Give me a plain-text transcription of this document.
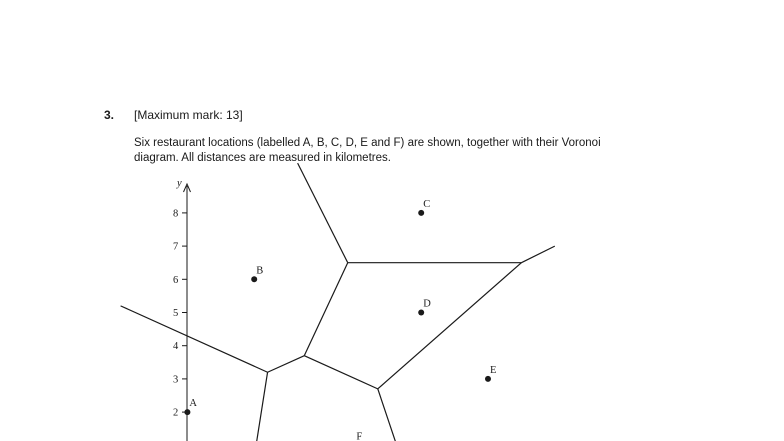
3. [Maximum mark: 13]
Six restaurant locations (labelled A, B, C, D, E and F) are shown, together with their Voronoi
diagram. All distances are measured in kilometres.
y
8
7
6
5
4
3
2
A
B
C
D
E
F
